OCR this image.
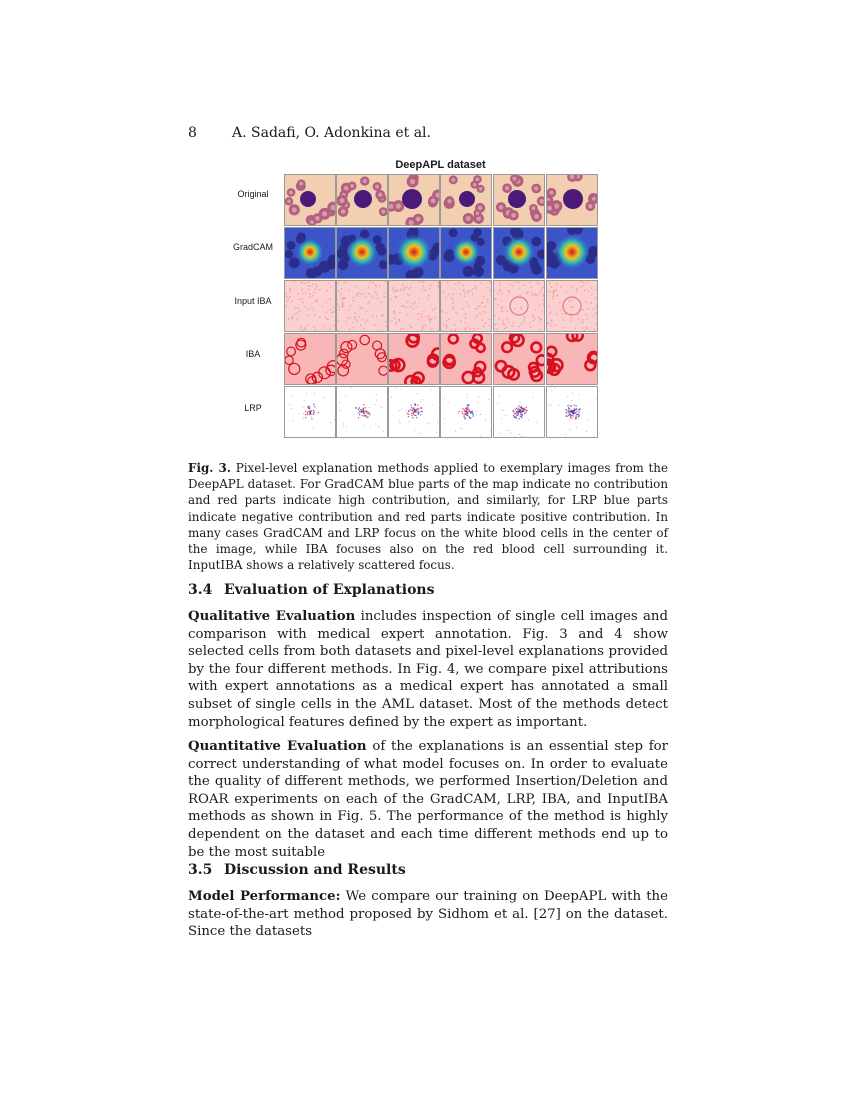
8	A. Sadafi, O. Adonkina et al.
DeepAPL dataset
Original
GradCAM
Input IBA
IBA
LRP
Fig. 3. Pixel-level explanation methods applied to exemplary images from the DeepAPL dataset. For GradCAM blue parts of the map indicate no contribution and red parts indicate high contribution, and similarly, for LRP blue parts indicate negative contribution and red parts indicate positive contribution. In many cases GradCAM and LRP focus on the white blood cells in the center of the image, while IBA focuses also on the red blood cell surrounding it. InputIBA shows a relatively scattered focus.
3.4 Evaluation of Explanations
Qualitative Evaluation includes inspection of single cell images and comparison with medical expert annotation. Fig. 3 and 4 show selected cells from both datasets and pixel-level explanations provided by the four different methods. In Fig. 4, we compare pixel attributions with expert annotations as a medical expert has annotated a small subset of single cells in the AML dataset. Most of the methods detect morphological features defined by the expert as important.
Quantitative Evaluation of the explanations is an essential step for correct understanding of what model focuses on. In order to evaluate the quality of different methods, we performed Insertion/Deletion and ROAR experiments on each of the GradCAM, LRP, IBA, and InputIBA methods as shown in Fig. 5. The performance of the method is highly dependent on the dataset and each time different methods end up to be the most suitable
3.5 Discussion and Results
Model Performance: We compare our training on DeepAPL with the state-of-the-art method proposed by Sidhom et al. [27] on the dataset. Since the datasets
